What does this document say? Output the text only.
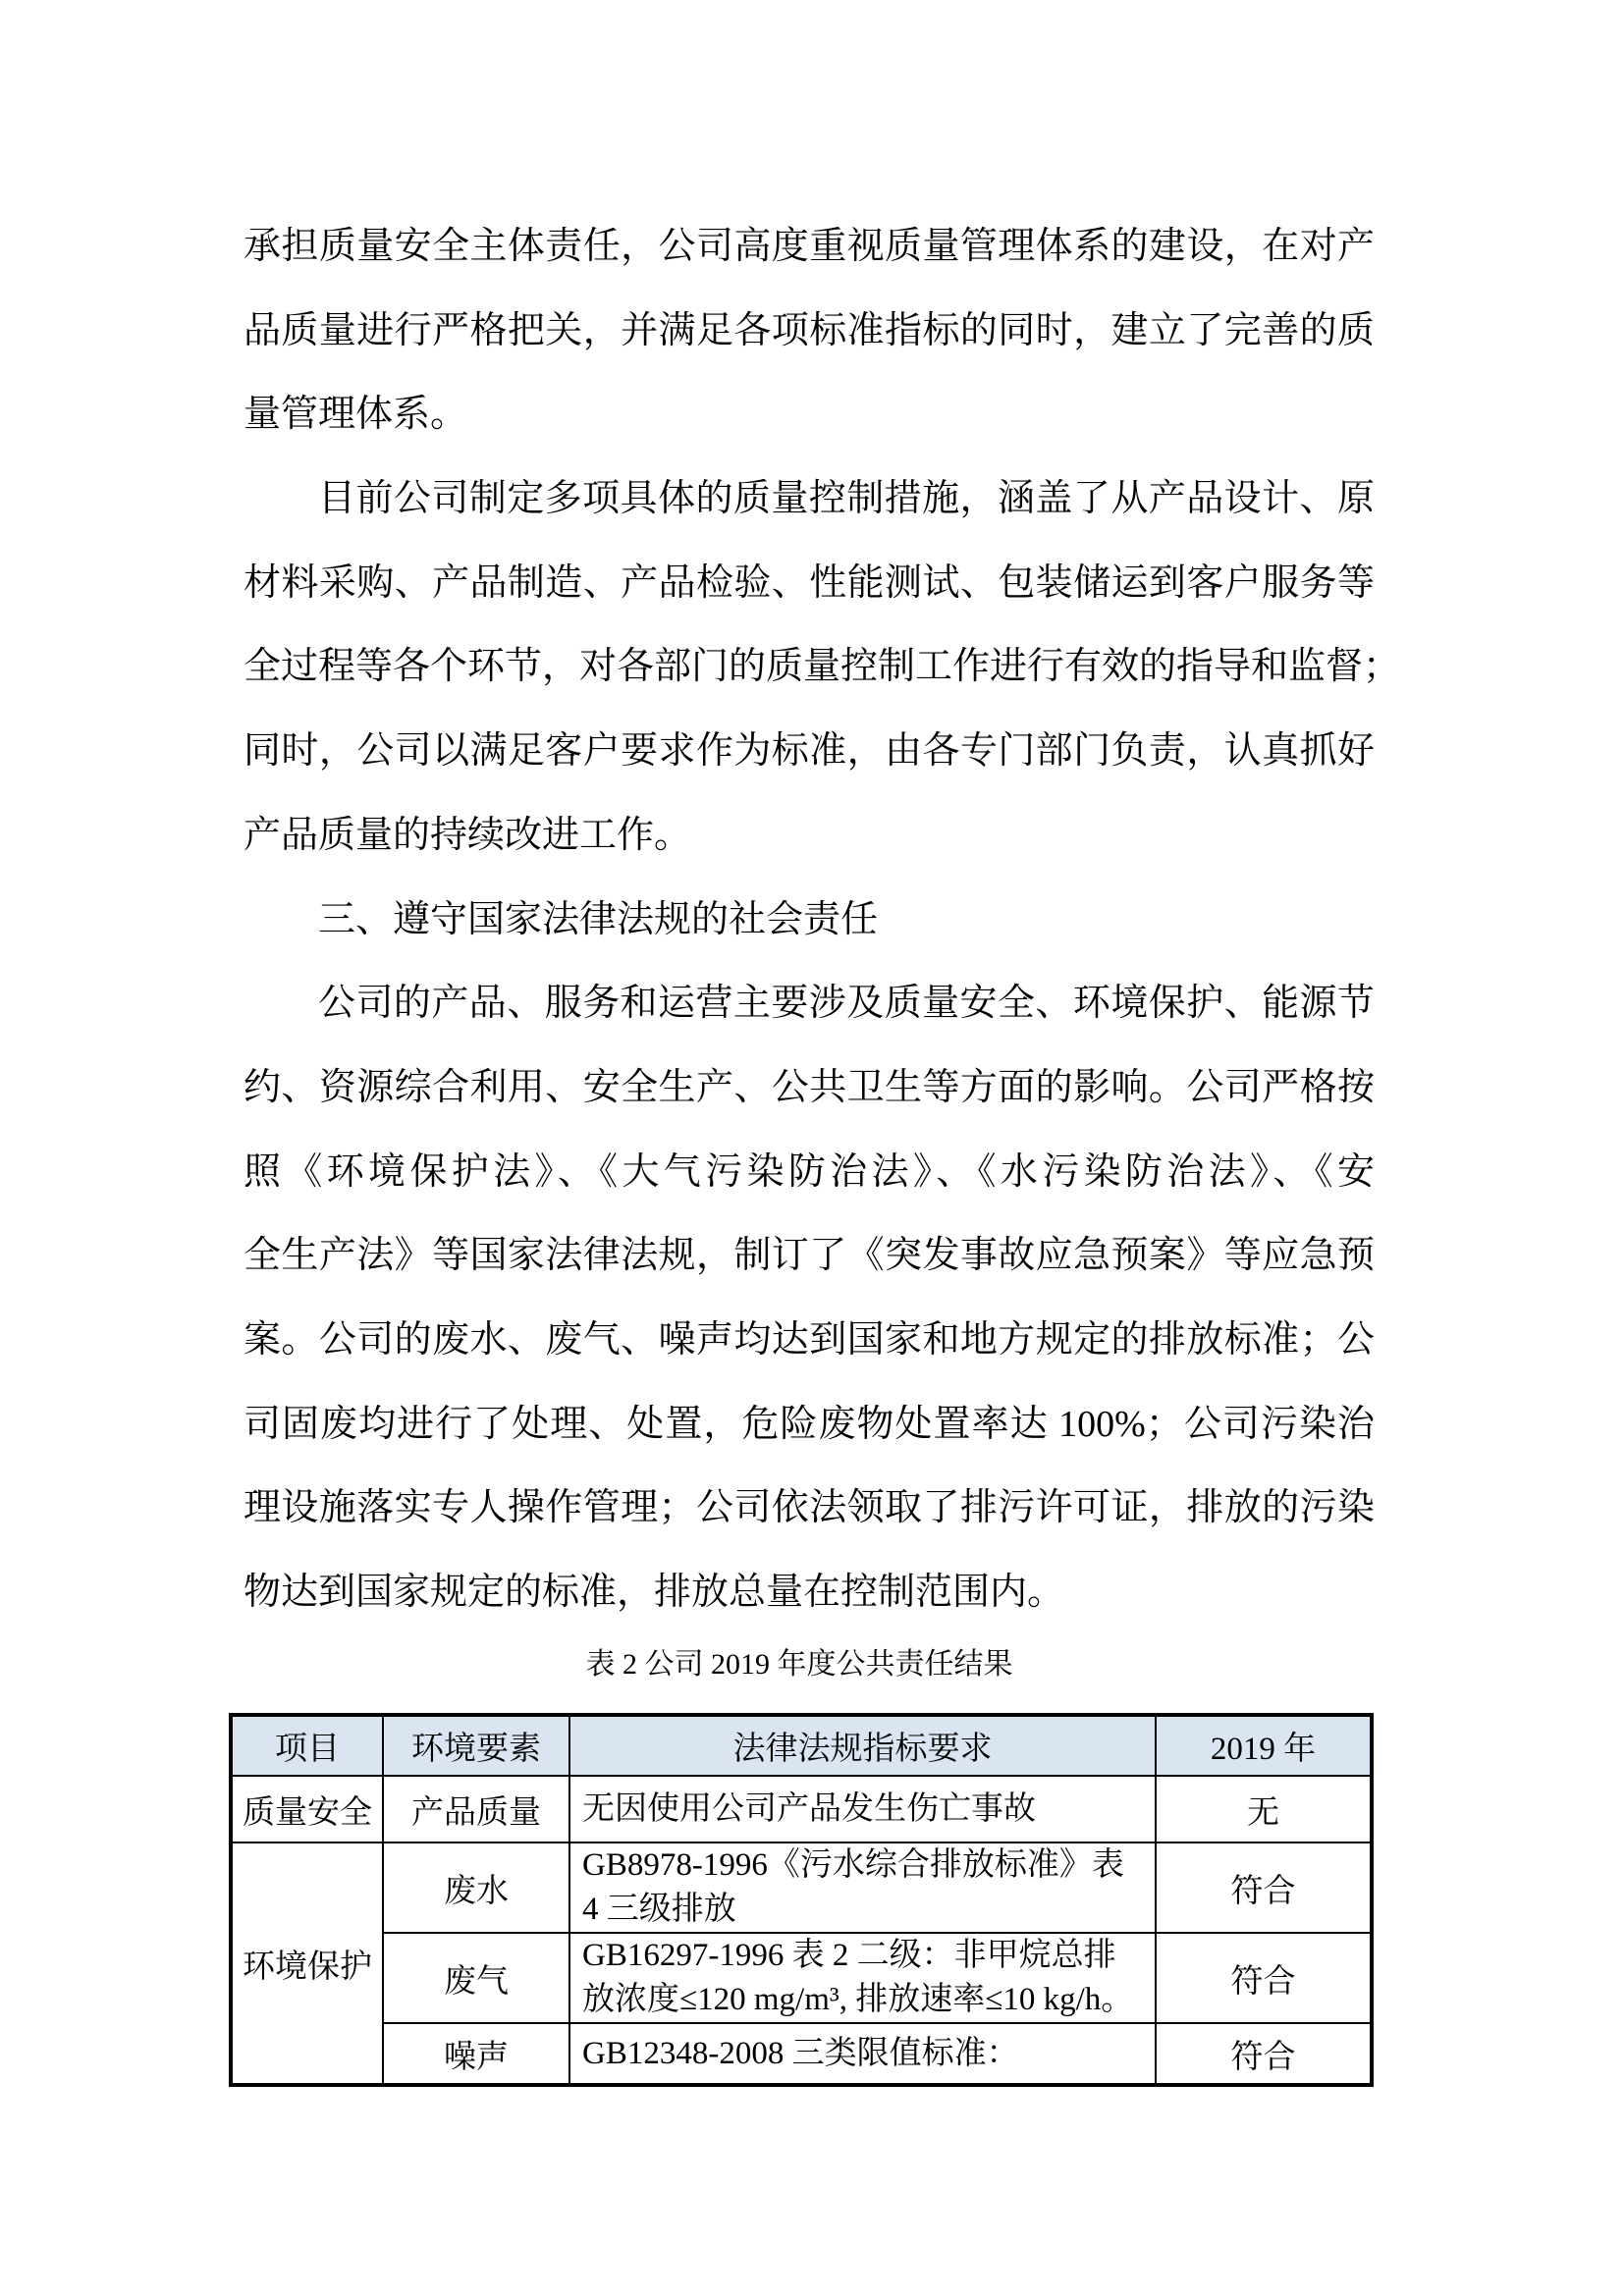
承担质量安全主体责任，公司高度重视质量管理体系的建设，在对产
品质量进行严格把关，并满足各项标准指标的同时，建立了完善的质
量管理体系。
目前公司制定多项具体的质量控制措施，涵盖了从产品设计、原
材料采购、产品制造、产品检验、性能测试、包装储运到客户服务等
全过程等各个环节，对各部门的质量控制工作进行有效的指导和监督；
同时，公司以满足客户要求作为标准，由各专门部门负责，认真抓好
产品质量的持续改进工作。
三、遵守国家法律法规的社会责任
公司的产品、服务和运营主要涉及质量安全、环境保护、能源节
约、资源综合利用、安全生产、公共卫生等方面的影响。公司严格按
照《环境保护法》、《大气污染防治法》、《水污染防治法》、《安
全生产法》等国家法律法规，制订了《突发事故应急预案》等应急预
案。公司的废水、废气、噪声均达到国家和地方规定的排放标准；公
司固废均进行了处理、处置，危险废物处置率达 100%；公司污染治
理设施落实专人操作管理；公司依法领取了排污许可证，排放的污染
物达到国家规定的标准，排放总量在控制范围内。
表 2 公司 2019 年度公共责任结果
项目	环境要素	法律法规指标要求	2019 年
质量安全	产品质量	无因使用公司产品发生伤亡事故	无
环境保护	废水	GB8978-1996《污水综合排放标准》表 4 三级排放	符合
	废气	GB16297-1996 表 2 二级：非甲烷总排放浓度≤120 mg/m³, 排放速率≤10 kg/h。	符合
	噪声	GB12348-2008 三类限值标准：	符合
